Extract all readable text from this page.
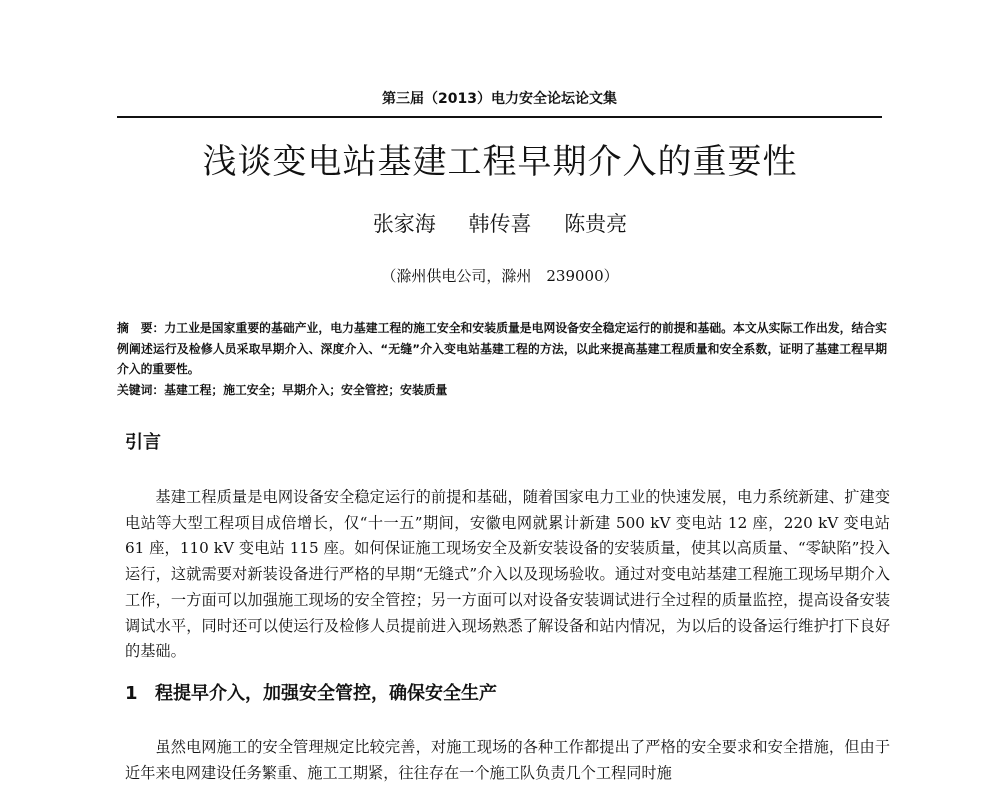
第三届（2013）电力安全论坛论文集
浅谈变电站基建工程早期介入的重要性
张家海 韩传喜 陈贵亮
（滁州供电公司，滁州　239000）

摘　要：力工业是国家重要的基础产业，电力基建工程的施工安全和安装质量是电网设备安全稳定运行的前提和基础。本文从实际工作出发，结合实例阐述运行及检修人员采取早期介入、深度介入、“无缝”介入变电站基建工程的方法，以此来提高基建工程质量和安全系数，证明了基建工程早期介入的重要性。

关键词：基建工程；施工安全；早期介入；安全管控；安装质量

引言

基建工程质量是电网设备安全稳定运行的前提和基础，随着国家电力工业的快速发展，电力系统新建、扩建变电站等大型工程项目成倍增长，仅“十一五”期间，安徽电网就累计新建 500 kV 变电站 12 座，220 kV 变电站 61 座，110 kV 变电站 115 座。如何保证施工现场安全及新安装设备的安装质量，使其以高质量、“零缺陷”投入运行，这就需要对新装设备进行严格的早期“无缝式”介入以及现场验收。通过对变电站基建工程施工现场早期介入工作，一方面可以加强施工现场的安全管控；另一方面可以对设备安装调试进行全过程的质量监控，提高设备安装调试水平，同时还可以使运行及检修人员提前进入现场熟悉了解设备和站内情况，为以后的设备运行维护打下良好的基础。

1 程提早介入，加强安全管控，确保安全生产

虽然电网施工的安全管理规定比较完善，对施工现场的各种工作都提出了严格的安全要求和安全措施，但由于近年来电网建设任务繁重、施工工期紧，往往存在一个施工队负责几个工程同时施
